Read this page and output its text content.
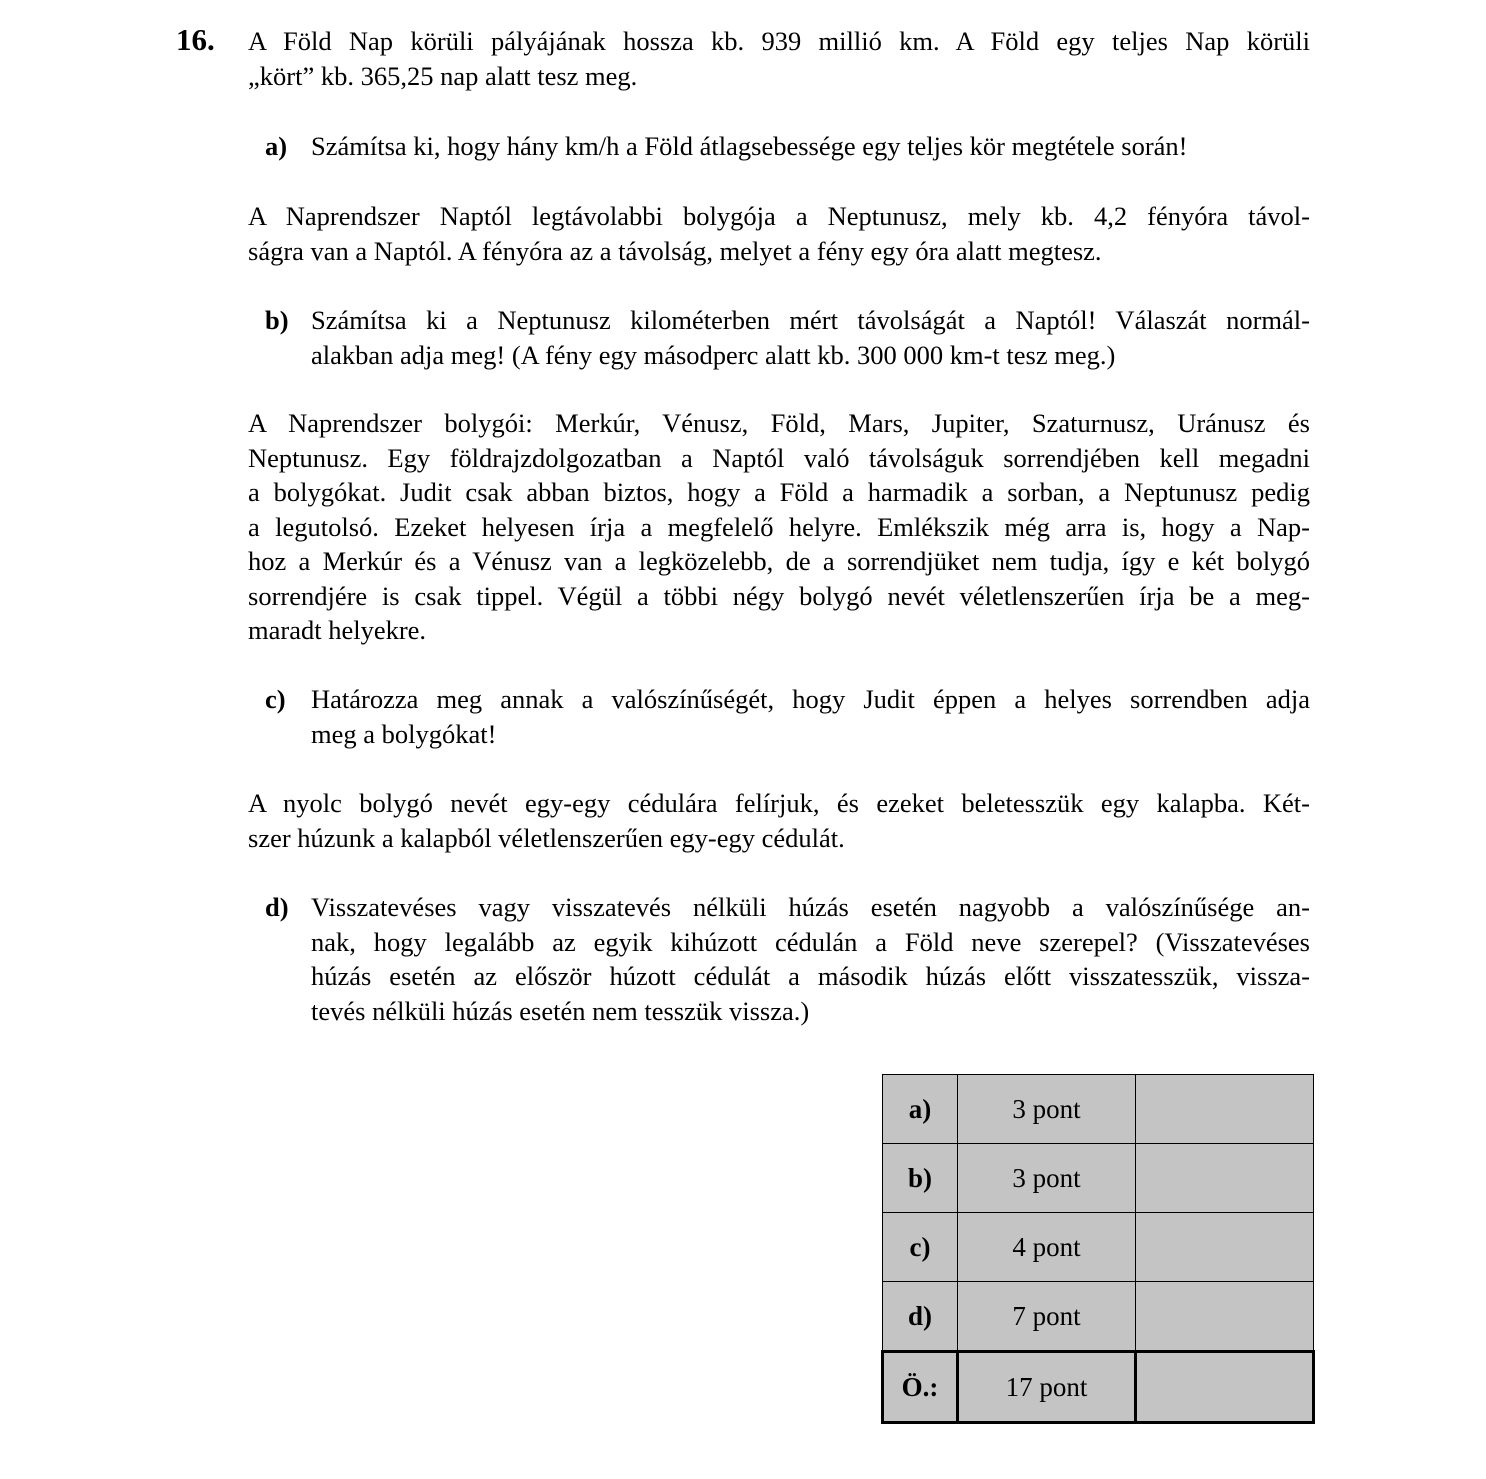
16. A Föld Nap körüli pályájának hossza kb. 939 millió km. A Föld egy teljes Nap körüli
„kört” kb. 365,25 nap alatt tesz meg.
a) Számítsa ki, hogy hány km/h a Föld átlagsebessége egy teljes kör megtétele során!
A Naprendszer Naptól legtávolabbi bolygója a Neptunusz, mely kb. 4,2 fényóra távol-
ságra van a Naptól. A fényóra az a távolság, melyet a fény egy óra alatt megtesz.
b) Számítsa ki a Neptunusz kilométerben mért távolságát a Naptól! Válaszát normál-
alakban adja meg! (A fény egy másodperc alatt kb. 300 000 km-t tesz meg.)
A Naprendszer bolygói: Merkúr, Vénusz, Föld, Mars, Jupiter, Szaturnusz, Uránusz és
Neptunusz. Egy földrajzdolgozatban a Naptól való távolságuk sorrendjében kell megadni
a bolygókat. Judit csak abban biztos, hogy a Föld a harmadik a sorban, a Neptunusz pedig
a legutolsó. Ezeket helyesen írja a megfelelő helyre. Emlékszik még arra is, hogy a Nap-
hoz a Merkúr és a Vénusz van a legközelebb, de a sorrendjüket nem tudja, így e két bolygó
sorrendjére is csak tippel. Végül a többi négy bolygó nevét véletlenszerűen írja be a meg-
maradt helyekre.
c) Határozza meg annak a valószínűségét, hogy Judit éppen a helyes sorrendben adja
meg a bolygókat!
A nyolc bolygó nevét egy-egy cédulára felírjuk, és ezeket beletesszük egy kalapba. Két-
szer húzunk a kalapból véletlenszerűen egy-egy cédulát.
d) Visszatevéses vagy visszatevés nélküli húzás esetén nagyobb a valószínűsége an-
nak, hogy legalább az egyik kihúzott cédulán a Föld neve szerepel? (Visszatevéses
húzás esetén az először húzott cédulát a második húzás előtt visszatesszük, vissza-
tevés nélküli húzás esetén nem tesszük vissza.)
a)	3 pont	
b)	3 pont	
c)	4 pont	
d)	7 pont	
Ö.:	17 pont	
